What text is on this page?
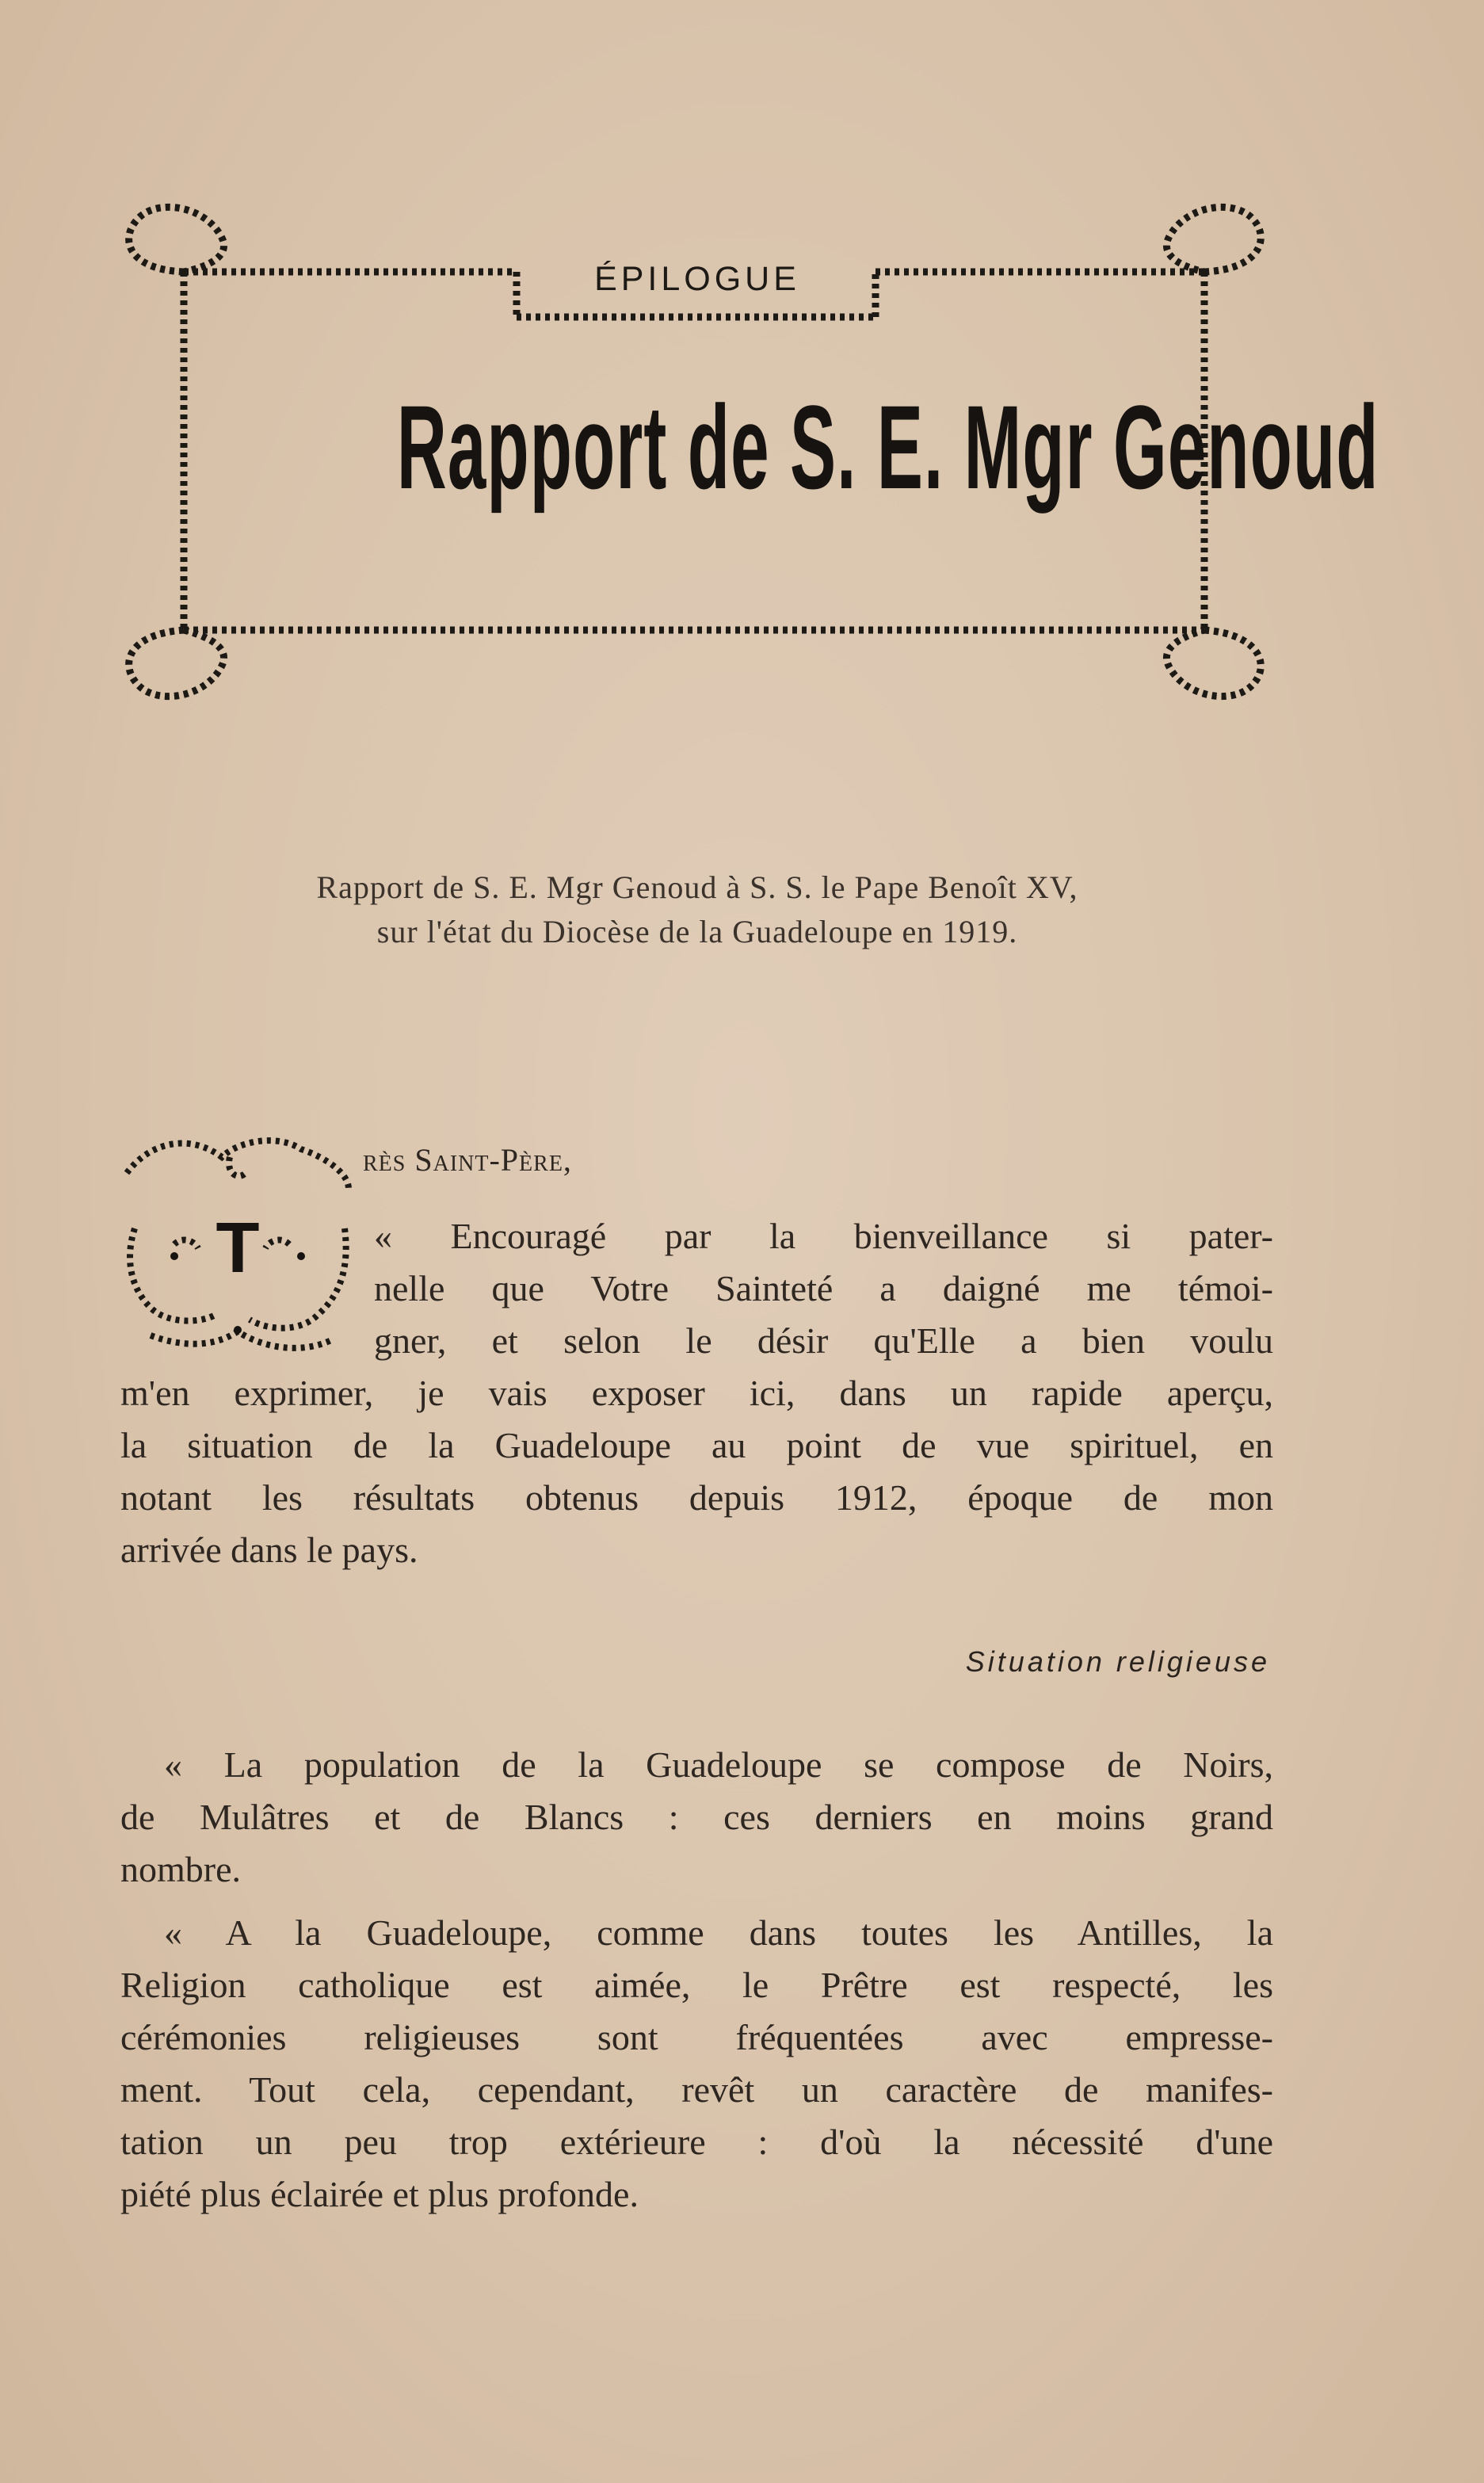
ÉPILOGUE
Rapport de S. E. Mgr Genoud
Rapport de S. E. Mgr Genoud à S. S. le Pape Benoît XV,
sur l'état du Diocèse de la Guadeloupe en 1919.
T
rès Saint-Père,
« Encouragé par la bienveillance si pater-
nelle que Votre Sainteté a daigné me témoi-
gner, et selon le désir qu'Elle a bien voulu
m'en exprimer, je vais exposer ici, dans un rapide aperçu,
la situation de la Guadeloupe au point de vue spirituel, en
notant les résultats obtenus depuis 1912, époque de mon
arrivée dans le pays.
Situation religieuse
« La population de la Guadeloupe se compose de Noirs,
de Mulâtres et de Blancs : ces derniers en moins grand
nombre.
« A la Guadeloupe, comme dans toutes les Antilles, la
Religion catholique est aimée, le Prêtre est respecté, les
cérémonies religieuses sont fréquentées avec empresse-
ment. Tout cela, cependant, revêt un caractère de manifes-
tation un peu trop extérieure : d'où la nécessité d'une
piété plus éclairée et plus profonde.
